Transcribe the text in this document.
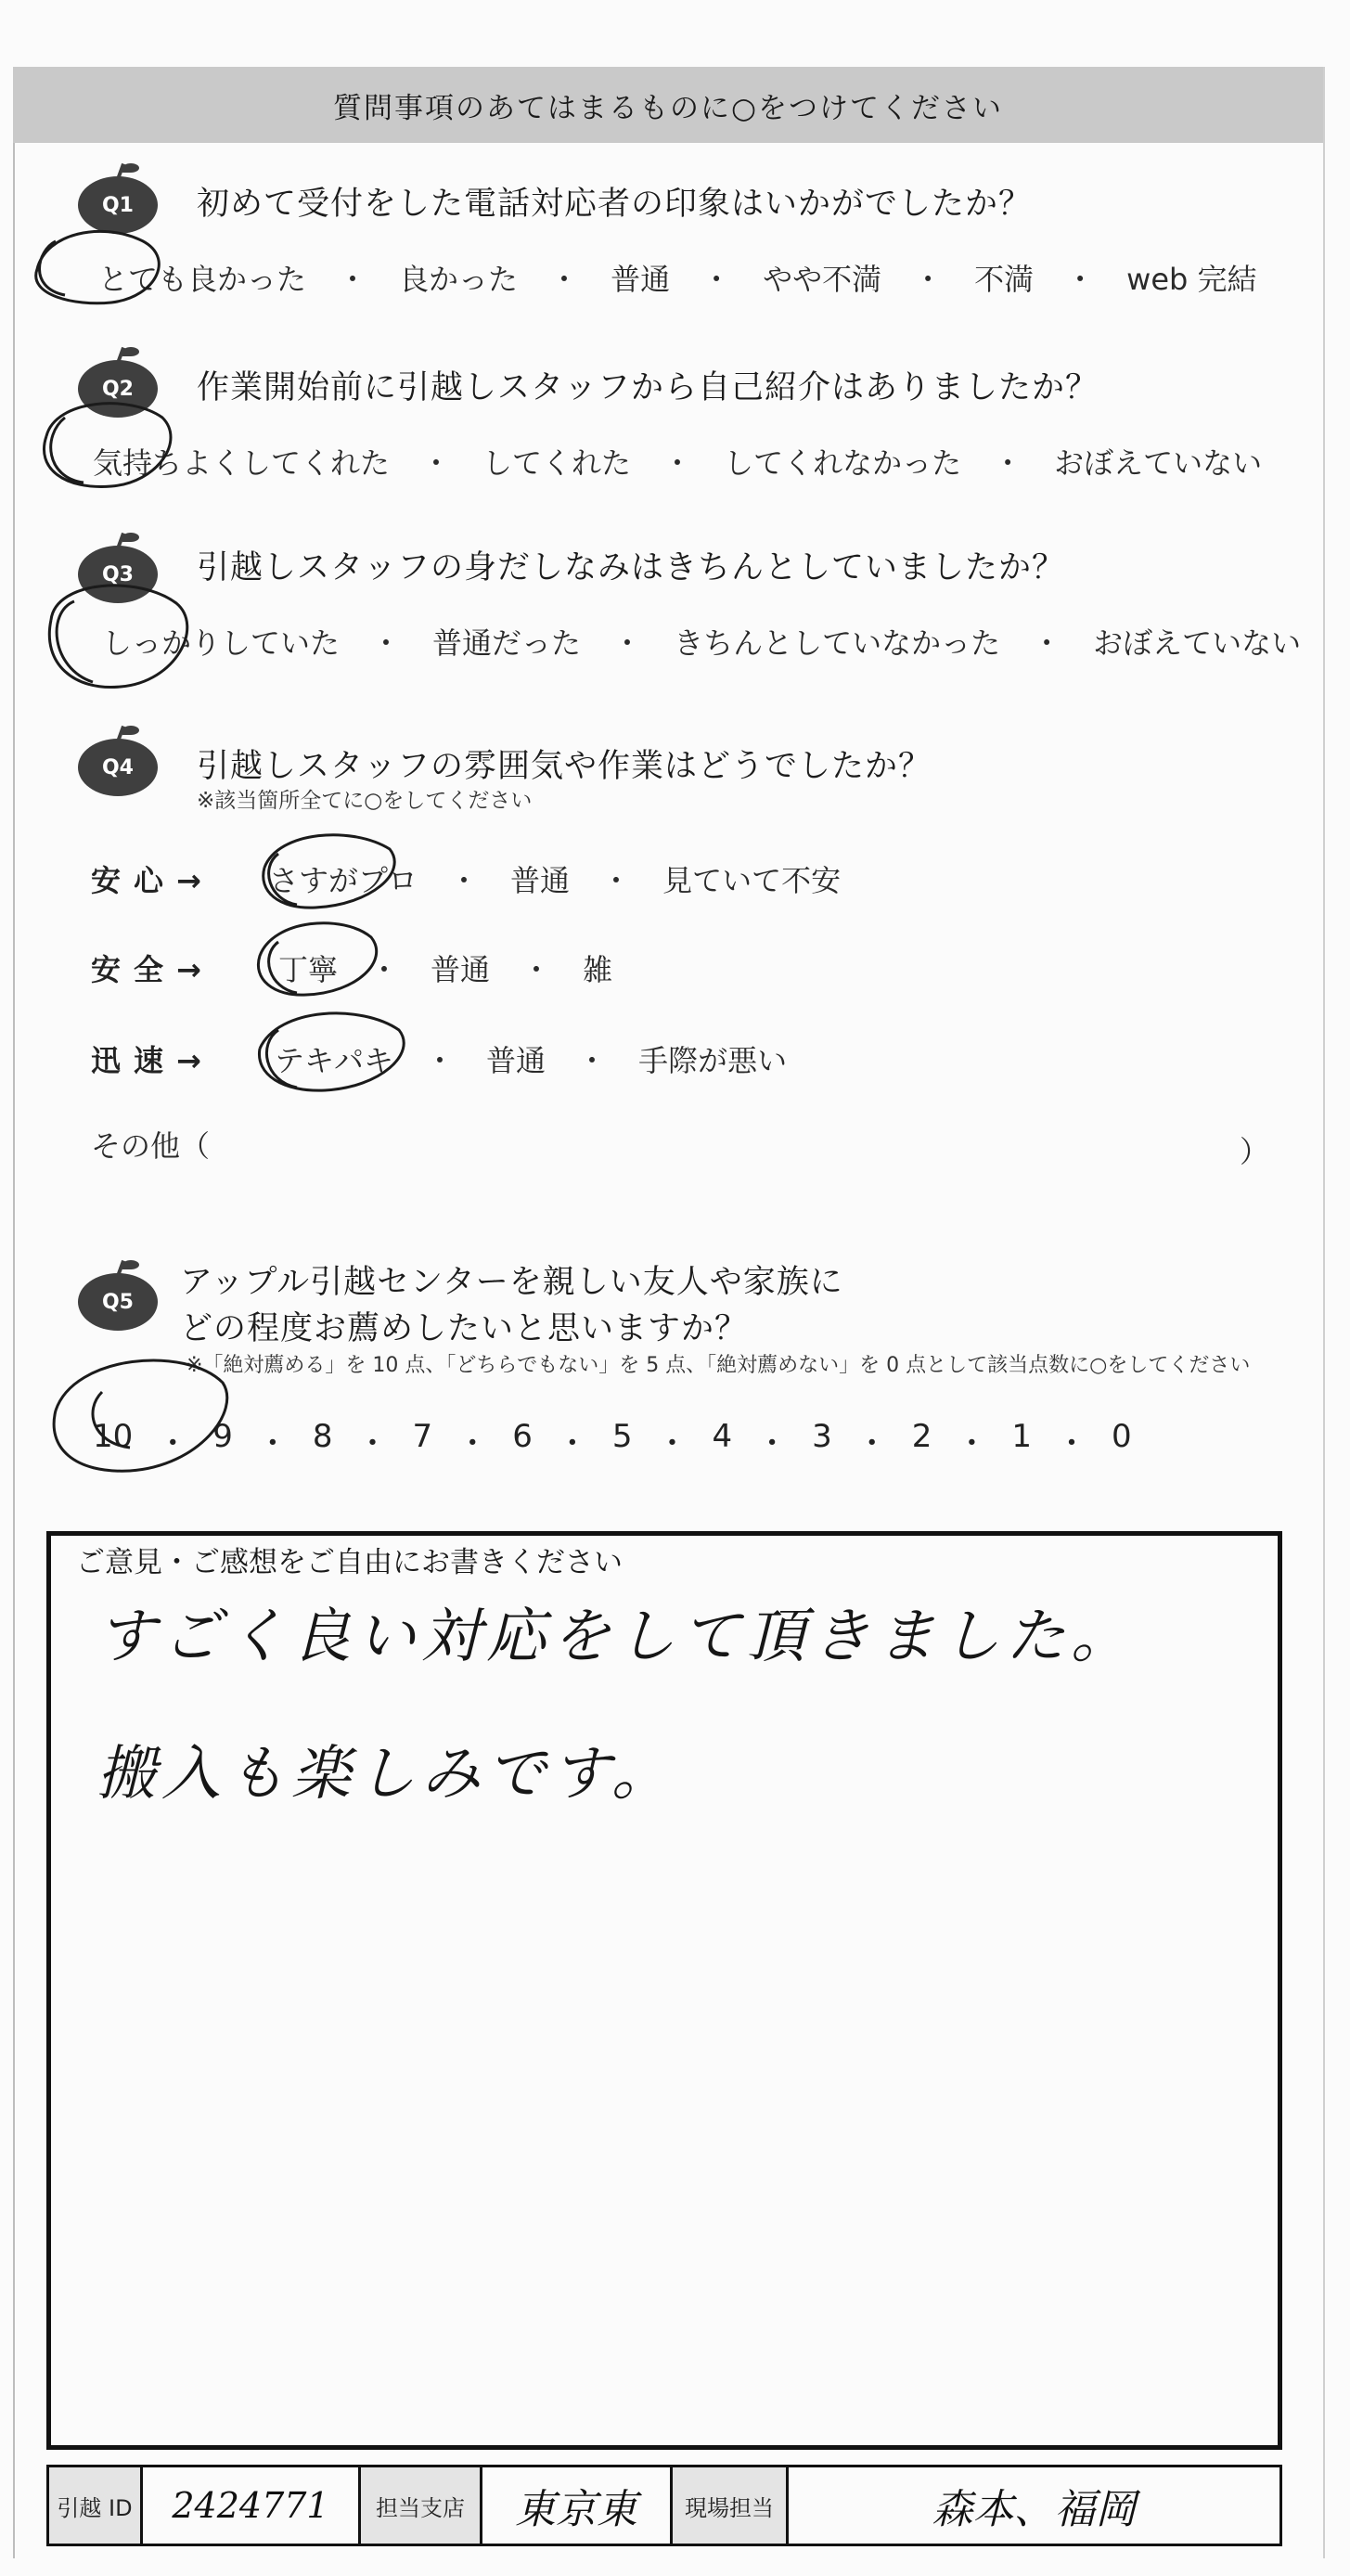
質問事項のあてはまるものに○をつけてください
Q1	初めて受付をした電話対応者の印象はいかがでしたか？
とても良かった ・ 良かった ・ 普通 ・ やや不満 ・ 不満 ・ web 完結
Q2	作業開始前に引越しスタッフから自己紹介はありましたか？
気持ちよくしてくれた ・ してくれた ・ してくれなかった ・ おぼえていない
Q3	引越しスタッフの身だしなみはきちんとしていましたか？
しっかりしていた ・ 普通だった ・ きちんとしていなかった ・ おぼえていない
Q4	引越しスタッフの雰囲気や作業はどうでしたか？
※該当箇所全てに○をしてください
安心→ さすがプロ ・ 普通 ・ 見ていて不安
安全→ 丁寧 ・ 普通 ・ 雑
迅速→ テキパキ ・ 普通 ・ 手際が悪い
その他（	）
Q5
アップル引越センターを親しい友人や家族に
どの程度お薦めしたいと思いますか？
※「絶対薦める」を 10 点、「どちらでもない」を 5 点、「絶対薦めない」を 0 点として該当点数に○をしてください
10 ・ 9 ・ 8 ・ 7 ・ 6 ・ 5 ・ 4 ・ 3 ・ 2 ・ 1 ・ 0
ご意見・ご感想をご自由にお書きください
すごく良い対応をして頂きました。
搬入も楽しみです。
引越 ID	2424771	担当支店	東京東	現場担当	森本、福岡
